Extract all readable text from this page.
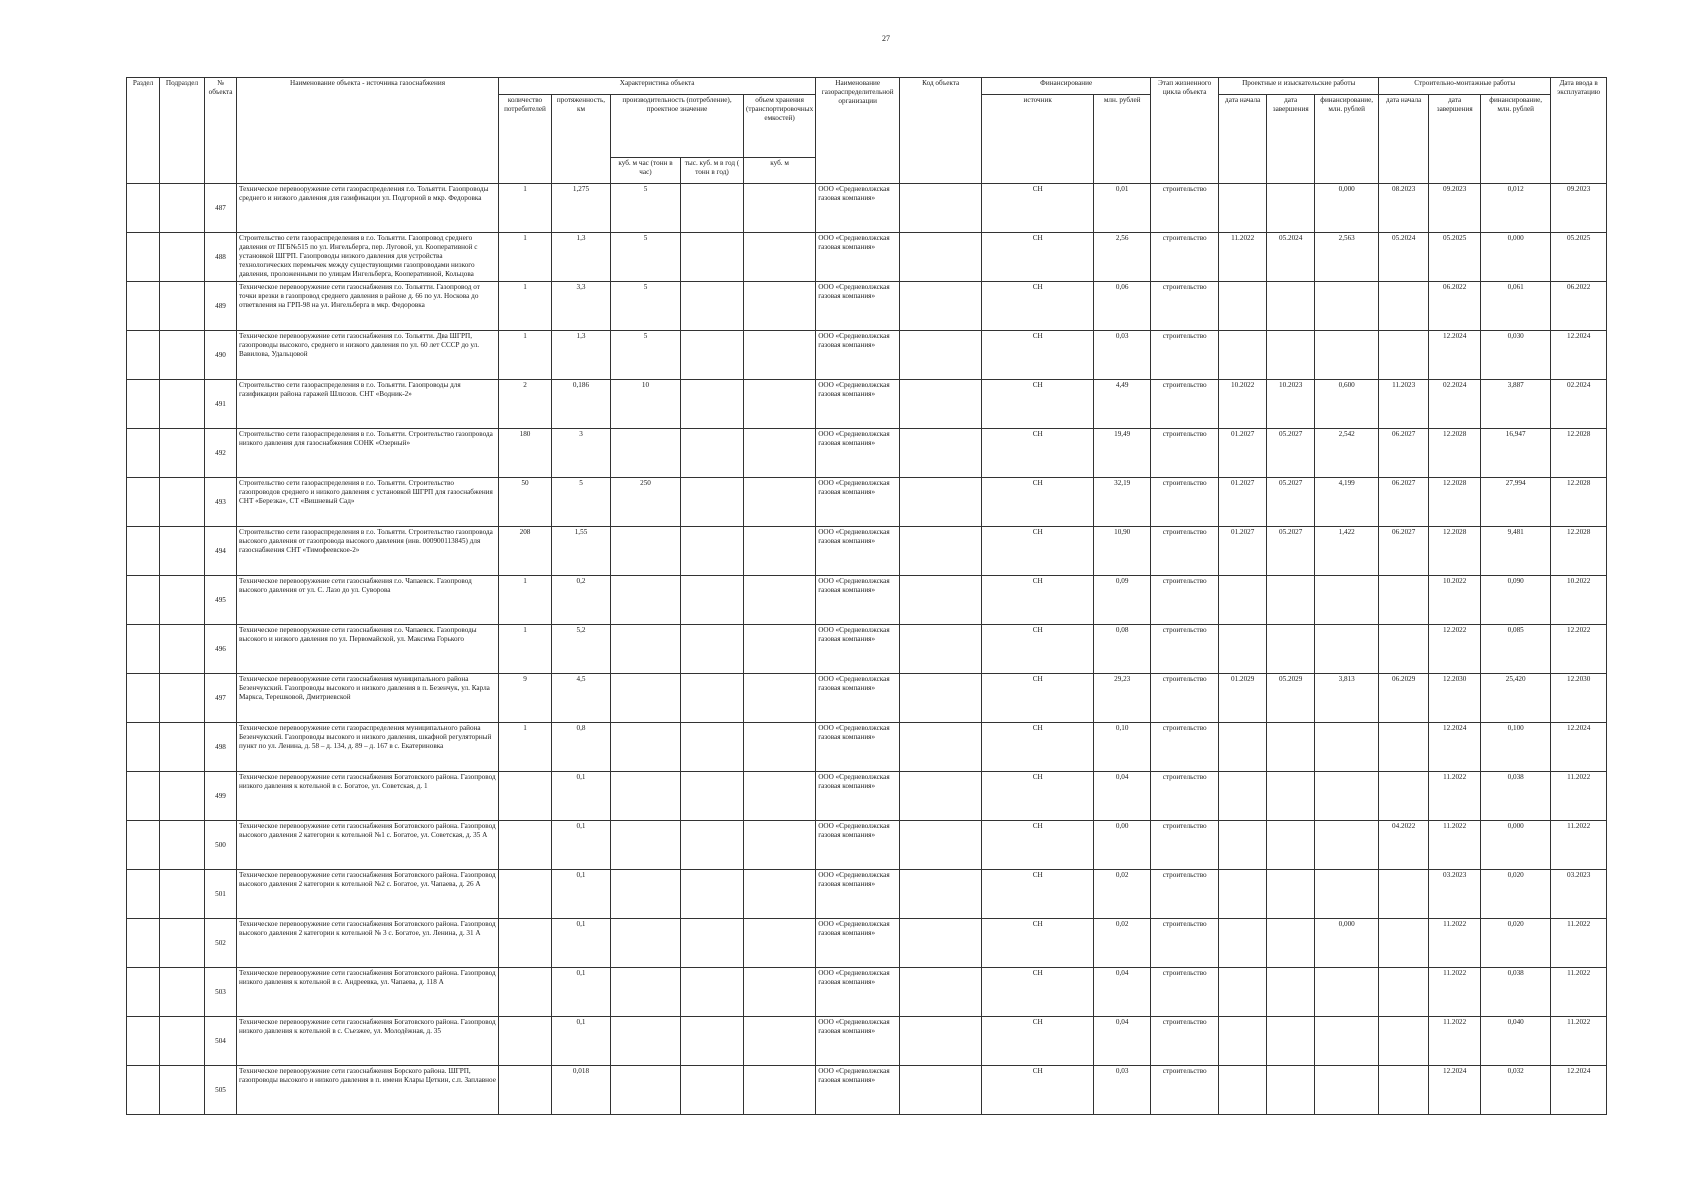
27
Раздел	Подраздел	№ объекта	Наименование объекта - источника газоснабжения	Характеристика объекта					Наименование газораспределительной организации	Код объекта	Финансирование		Этап жизненного цикла объекта	Проектные и изыскательские работы			Строительно-монтажные работы			Дата ввода в эксплуатацию
				количество потребителей	протяженность, км	производительность (потребление), проектное значение		объем хранения (транспортировочных емкостей)			источник	млн. рублей		дата начала	дата завершения	финансирование, млн. рублей	дата начала	дата завершения	финансирование, млн. рублей	
						куб. м час (тонн в час)	тыс. куб. м в год ( тонн в год)	куб. м												
		487	Техническое перевооружение сети газораспределения г.о. Тольятти. Газопроводы среднего и низкого давления для газификации ул. Подгорной в мкр. Федоровка	1	1,275	5			ООО «Средневолжская газовая компания»		СН	0,01	строительство			0,000	08.2023	09.2023	0,012	09.2023
		488	Строительство сети газораспределения в г.о. Тольятти. Газопровод среднего давления от ПГБ№515 по ул. Ингельберга, пер. Луговой, ул. Кооперативной с установкой ШГРП. Газопроводы низкого давления для устройства технологических перемычек между существующими газопроводами низкого давления, проложенными по улицам Ингельберга, Кооперативной, Кольцова	1	1,3	5			ООО «Средневолжская газовая компания»		СН	2,56	строительство	11.2022	05.2024	2,563	05.2024	05.2025	0,000	05.2025
		489	Техническое перевооружение сети газоснабжения г.о. Тольятти. Газопровод от точки врезки в газопровод среднего давления в районе д. 66 по ул. Носкова до ответвления на ГРП-98 на ул. Ингельберга в мкр. Федоровка	1	3,3	5			ООО «Средневолжская газовая компания»		СН	0,06	строительство					06.2022	0,061	06.2022
		490	Техническое перевооружение сети газоснабжения г.о. Тольятти. Два ШГРП, газопроводы высокого, среднего и низкого давления по ул. 60 лет СССР до ул. Вавилова, Удальцовой	1	1,3	5			ООО «Средневолжская газовая компания»		СН	0,03	строительство					12.2024	0,030	12.2024
		491	Строительство сети газораспределения в г.о. Тольятти. Газопроводы для газификации района гаражей Шлюзов. СНТ «Водник-2»	2	0,186	10			ООО «Средневолжская газовая компания»		СН	4,49	строительство	10.2022	10.2023	0,600	11.2023	02.2024	3,887	02.2024
		492	Строительство сети газораспределения в г.о. Тольятти. Строительство газопровода низкого давления для газоснабжения СОНК «Озерный»	180	3				ООО «Средневолжская газовая компания»		СН	19,49	строительство	01.2027	05.2027	2,542	06.2027	12.2028	16,947	12.2028
		493	Строительство сети газораспределения в г.о. Тольятти. Строительство газопроводов среднего и низкого давления с установкой ШГРП для газоснабжения СНТ «Березка», СТ «Вишневый Сад»	50	5	250			ООО «Средневолжская газовая компания»		СН	32,19	строительство	01.2027	05.2027	4,199	06.2027	12.2028	27,994	12.2028
		494	Строительство сети газораспределения в г.о. Тольятти. Строительство газопровода высокого давления от газопровода высокого давления (инв. 000900113845) для газоснабжения СНТ «Тимофеевское-2»	208	1,55				ООО «Средневолжская газовая компания»		СН	10,90	строительство	01.2027	05.2027	1,422	06.2027	12.2028	9,481	12.2028
		495	Техническое перевооружение сети газоснабжения г.о. Чапаевск. Газопровод высокого давления от ул. С. Лазо до ул. Суворова	1	0,2				ООО «Средневолжская газовая компания»		СН	0,09	строительство					10.2022	0,090	10.2022
		496	Техническое перевооружение сети газоснабжения г.о. Чапаевск. Газопроводы высокого и низкого давления по ул. Первомайской, ул. Максима Горького	1	5,2				ООО «Средневолжская газовая компания»		СН	0,08	строительство					12.2022	0,085	12.2022
		497	Техническое перевооружение сети газоснабжения муниципального района Безенчукский. Газопроводы высокого и низкого давления в п. Безенчук, ул. Карла Маркса, Терешковой, Дмитриевской	9	4,5				ООО «Средневолжская газовая компания»		СН	29,23	строительство	01.2029	05.2029	3,813	06.2029	12.2030	25,420	12.2030
		498	Техническое перевооружение сети газораспределения муниципального района Безенчукский. Газопроводы высокого и низкого давления, шкафной регуляторный пункт по ул. Ленина, д. 58 – д. 134, д. 89 – д. 167 в с. Екатериновка	1	0,8				ООО «Средневолжская газовая компания»		СН	0,10	строительство					12.2024	0,100	12.2024
		499	Техническое перевооружение сети газоснабжения Богатовского района. Газопровод низкого давления к котельной в с. Богатое, ул. Советская, д. 1		0,1				ООО «Средневолжская газовая компания»		СН	0,04	строительство					11.2022	0,038	11.2022
		500	Техническое перевооружение сети газоснабжения Богатовского района. Газопровод высокого давления 2 категории к котельной №1 с. Богатое, ул. Советская, д. 35 А		0,1				ООО «Средневолжская газовая компания»		СН	0,00	строительство				04.2022	11.2022	0,000	11.2022
		501	Техническое перевооружение сети газоснабжения Богатовского района. Газопровод высокого давления 2 категории к котельной №2 с. Богатое, ул. Чапаева, д. 26 А		0,1				ООО «Средневолжская газовая компания»		СН	0,02	строительство					03.2023	0,020	03.2023
		502	Техническое перевооружение сети газоснабжения Богатовского района. Газопровод высокого давления 2 категории к котельной № 3 с. Богатое, ул. Ленина, д. 31 А		0,1				ООО «Средневолжская газовая компания»		СН	0,02	строительство			0,000		11.2022	0,020	11.2022
		503	Техническое перевооружение сети газоснабжения Богатовского района. Газопровод низкого давления к котельной в с. Андреевка, ул. Чапаева, д. 118 А		0,1				ООО «Средневолжская газовая компания»		СН	0,04	строительство					11.2022	0,038	11.2022
		504	Техническое перевооружение сети газоснабжения Богатовского района. Газопровод низкого давления к котельной в с. Съезжее, ул. Молодёжная, д. 35		0,1				ООО «Средневолжская газовая компания»		СН	0,04	строительство					11.2022	0,040	11.2022
		505	Техническое перевооружение сети газоснабжения Борского района. ШГРП, газопроводы высокого и низкого давления в п. имени Клары Цеткин, с.п. Заплавное		0,018				ООО «Средневолжская газовая компания»		СН	0,03	строительство					12.2024	0,032	12.2024
